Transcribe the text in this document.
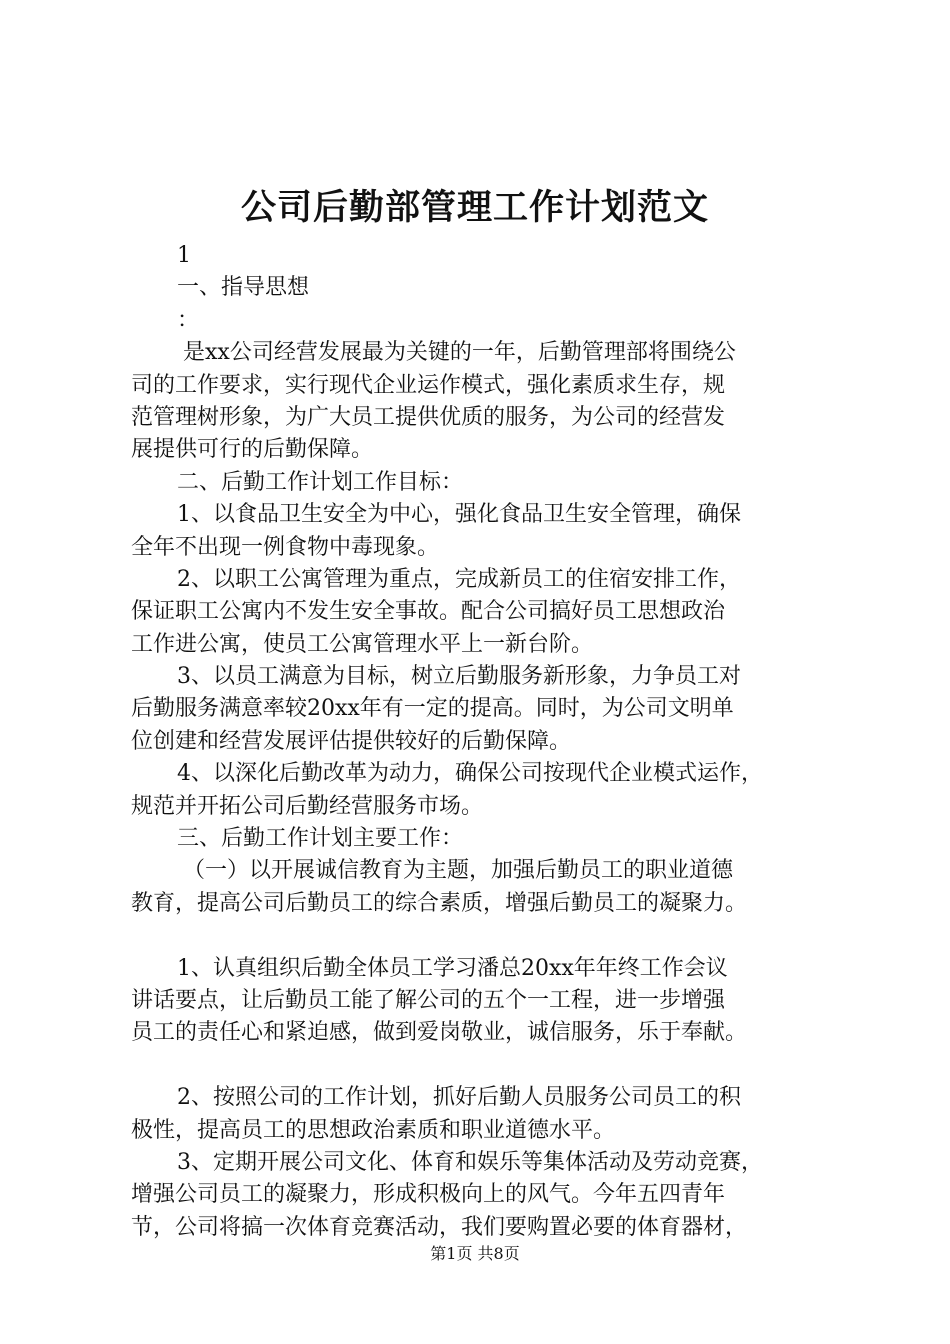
公司后勤部管理工作计划范文
1
一、指导思想
：
是xx公司经营发展最为关键的一年，后勤管理部将围绕公
司的工作要求，实行现代企业运作模式，强化素质求生存，规
范管理树形象，为广大员工提供优质的服务，为公司的经营发
展提供可行的后勤保障。
二、后勤工作计划工作目标：
1、以食品卫生安全为中心，强化食品卫生安全管理，确保
全年不出现一例食物中毒现象。
2、以职工公寓管理为重点，完成新员工的住宿安排工作，
保证职工公寓内不发生安全事故。配合公司搞好员工思想政治
工作进公寓，使员工公寓管理水平上一新台阶。
3、以员工满意为目标，树立后勤服务新形象，力争员工对
后勤服务满意率较20xx年有一定的提高。同时，为公司文明单
位创建和经营发展评估提供较好的后勤保障。
4、以深化后勤改革为动力，确保公司按现代企业模式运作，
规范并开拓公司后勤经营服务市场。
三、后勤工作计划主要工作：
（一）以开展诚信教育为主题，加强后勤员工的职业道德
教育，提高公司后勤员工的综合素质，增强后勤员工的凝聚力。
1、认真组织后勤全体员工学习潘总20xx年年终工作会议
讲话要点，让后勤员工能了解公司的五个一工程，进一步增强
员工的责任心和紧迫感，做到爱岗敬业，诚信服务，乐于奉献。
2、按照公司的工作计划，抓好后勤人员服务公司员工的积
极性，提高员工的思想政治素质和职业道德水平。
3、定期开展公司文化、体育和娱乐等集体活动及劳动竞赛，
增强公司员工的凝聚力，形成积极向上的风气。今年五四青年
节，公司将搞一次体育竞赛活动，我们要购置必要的体育器材，
第1页 共8页
